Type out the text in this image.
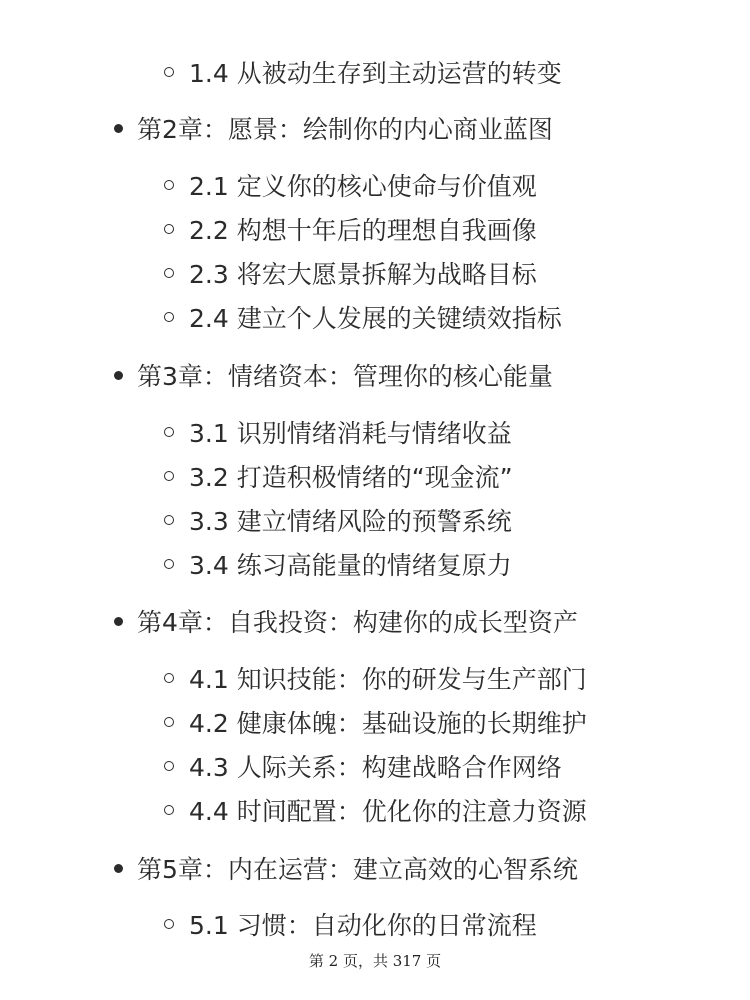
1.4 从被动生存到主动运营的转变
第2章：愿景：绘制你的内心商业蓝图
2.1 定义你的核心使命与价值观
2.2 构想十年后的理想自我画像
2.3 将宏大愿景拆解为战略目标
2.4 建立个人发展的关键绩效指标
第3章：情绪资本：管理你的核心能量
3.1 识别情绪消耗与情绪收益
3.2 打造积极情绪的“现金流”
3.3 建立情绪风险的预警系统
3.4 练习高能量的情绪复原力
第4章：自我投资：构建你的成长型资产
4.1 知识技能：你的研发与生产部门
4.2 健康体魄：基础设施的长期维护
4.3 人际关系：构建战略合作网络
4.4 时间配置：优化你的注意力资源
第5章：内在运营：建立高效的心智系统
5.1 习惯：自动化你的日常流程
第 2 页，共 317 页
